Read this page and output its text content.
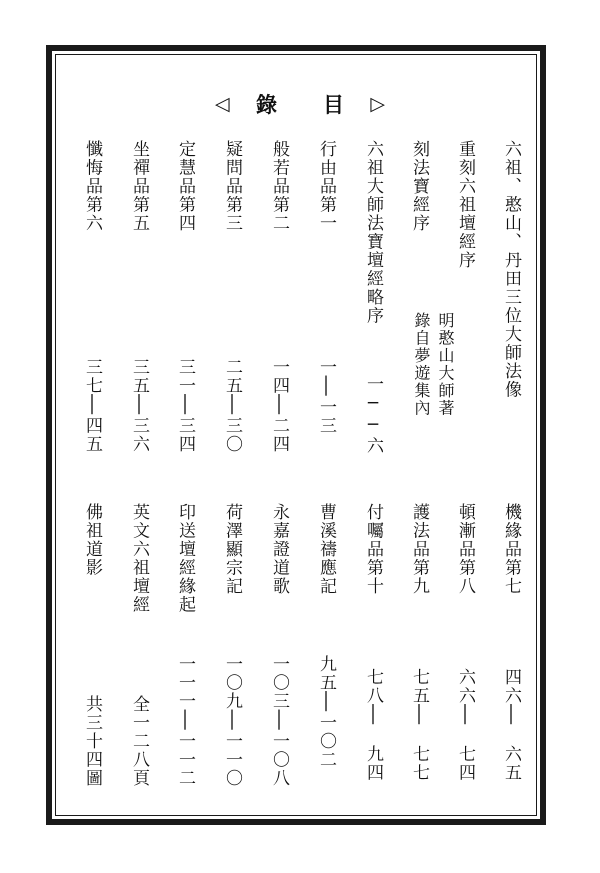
◁ 錄 目 ▷
六祖、憨山、丹田三位大師法像
重刻六祖壇經序
刻法寶經序
六祖大師法寶壇經略序
行由品第一
般若品第二
疑問品第三
定慧品第四
坐禪品第五
懺悔品第六
明憨山大師著
錄自夢遊集內
一──六
一│一三
一四│二四
二五│三〇
三一│三四
三五│三六
三七│四五
機緣品第七
頓漸品第八
護法品第九
付囑品第十
曹溪禱應記
永嘉證道歌
荷澤顯宗記
印送壇經緣起
英文六祖壇經
佛祖道影
四六│　六五
六六│　七四
七五│　七七
七八│　九四
九五│一〇二
一〇三│一〇八
一〇九│一一〇
一一一│一一二
全一二八頁
共三十四圖
